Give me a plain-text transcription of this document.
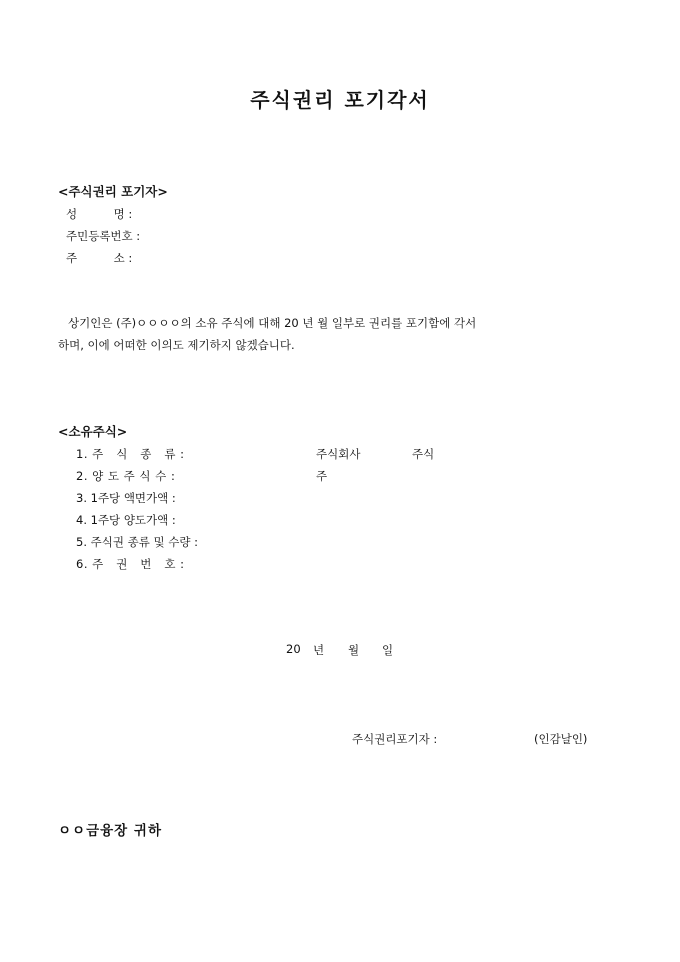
주식권리 포기각서
<주식권리 포기자>
성          명 :
주민등록번호 :
주          소 :
상기인은 (주)ㅇㅇㅇㅇ의 소유 주식에 대해 20 년 월 일부로 권리를 포기함에 각서
하며, 이에 어떠한 이의도 제기하지 않겠습니다.
<소유주식>
1. 주   식   종   류 :	주식회사	주식
2. 양 도 주 식 수 :	주
3. 1주당 액면가액 :
4. 1주당 양도가액 :
5. 주식권 종류 및 수량 :
6. 주   권   번   호 :
20 년 월 일
주식권리포기자 :	(인감날인)
ㅇㅇ금융장 귀하
